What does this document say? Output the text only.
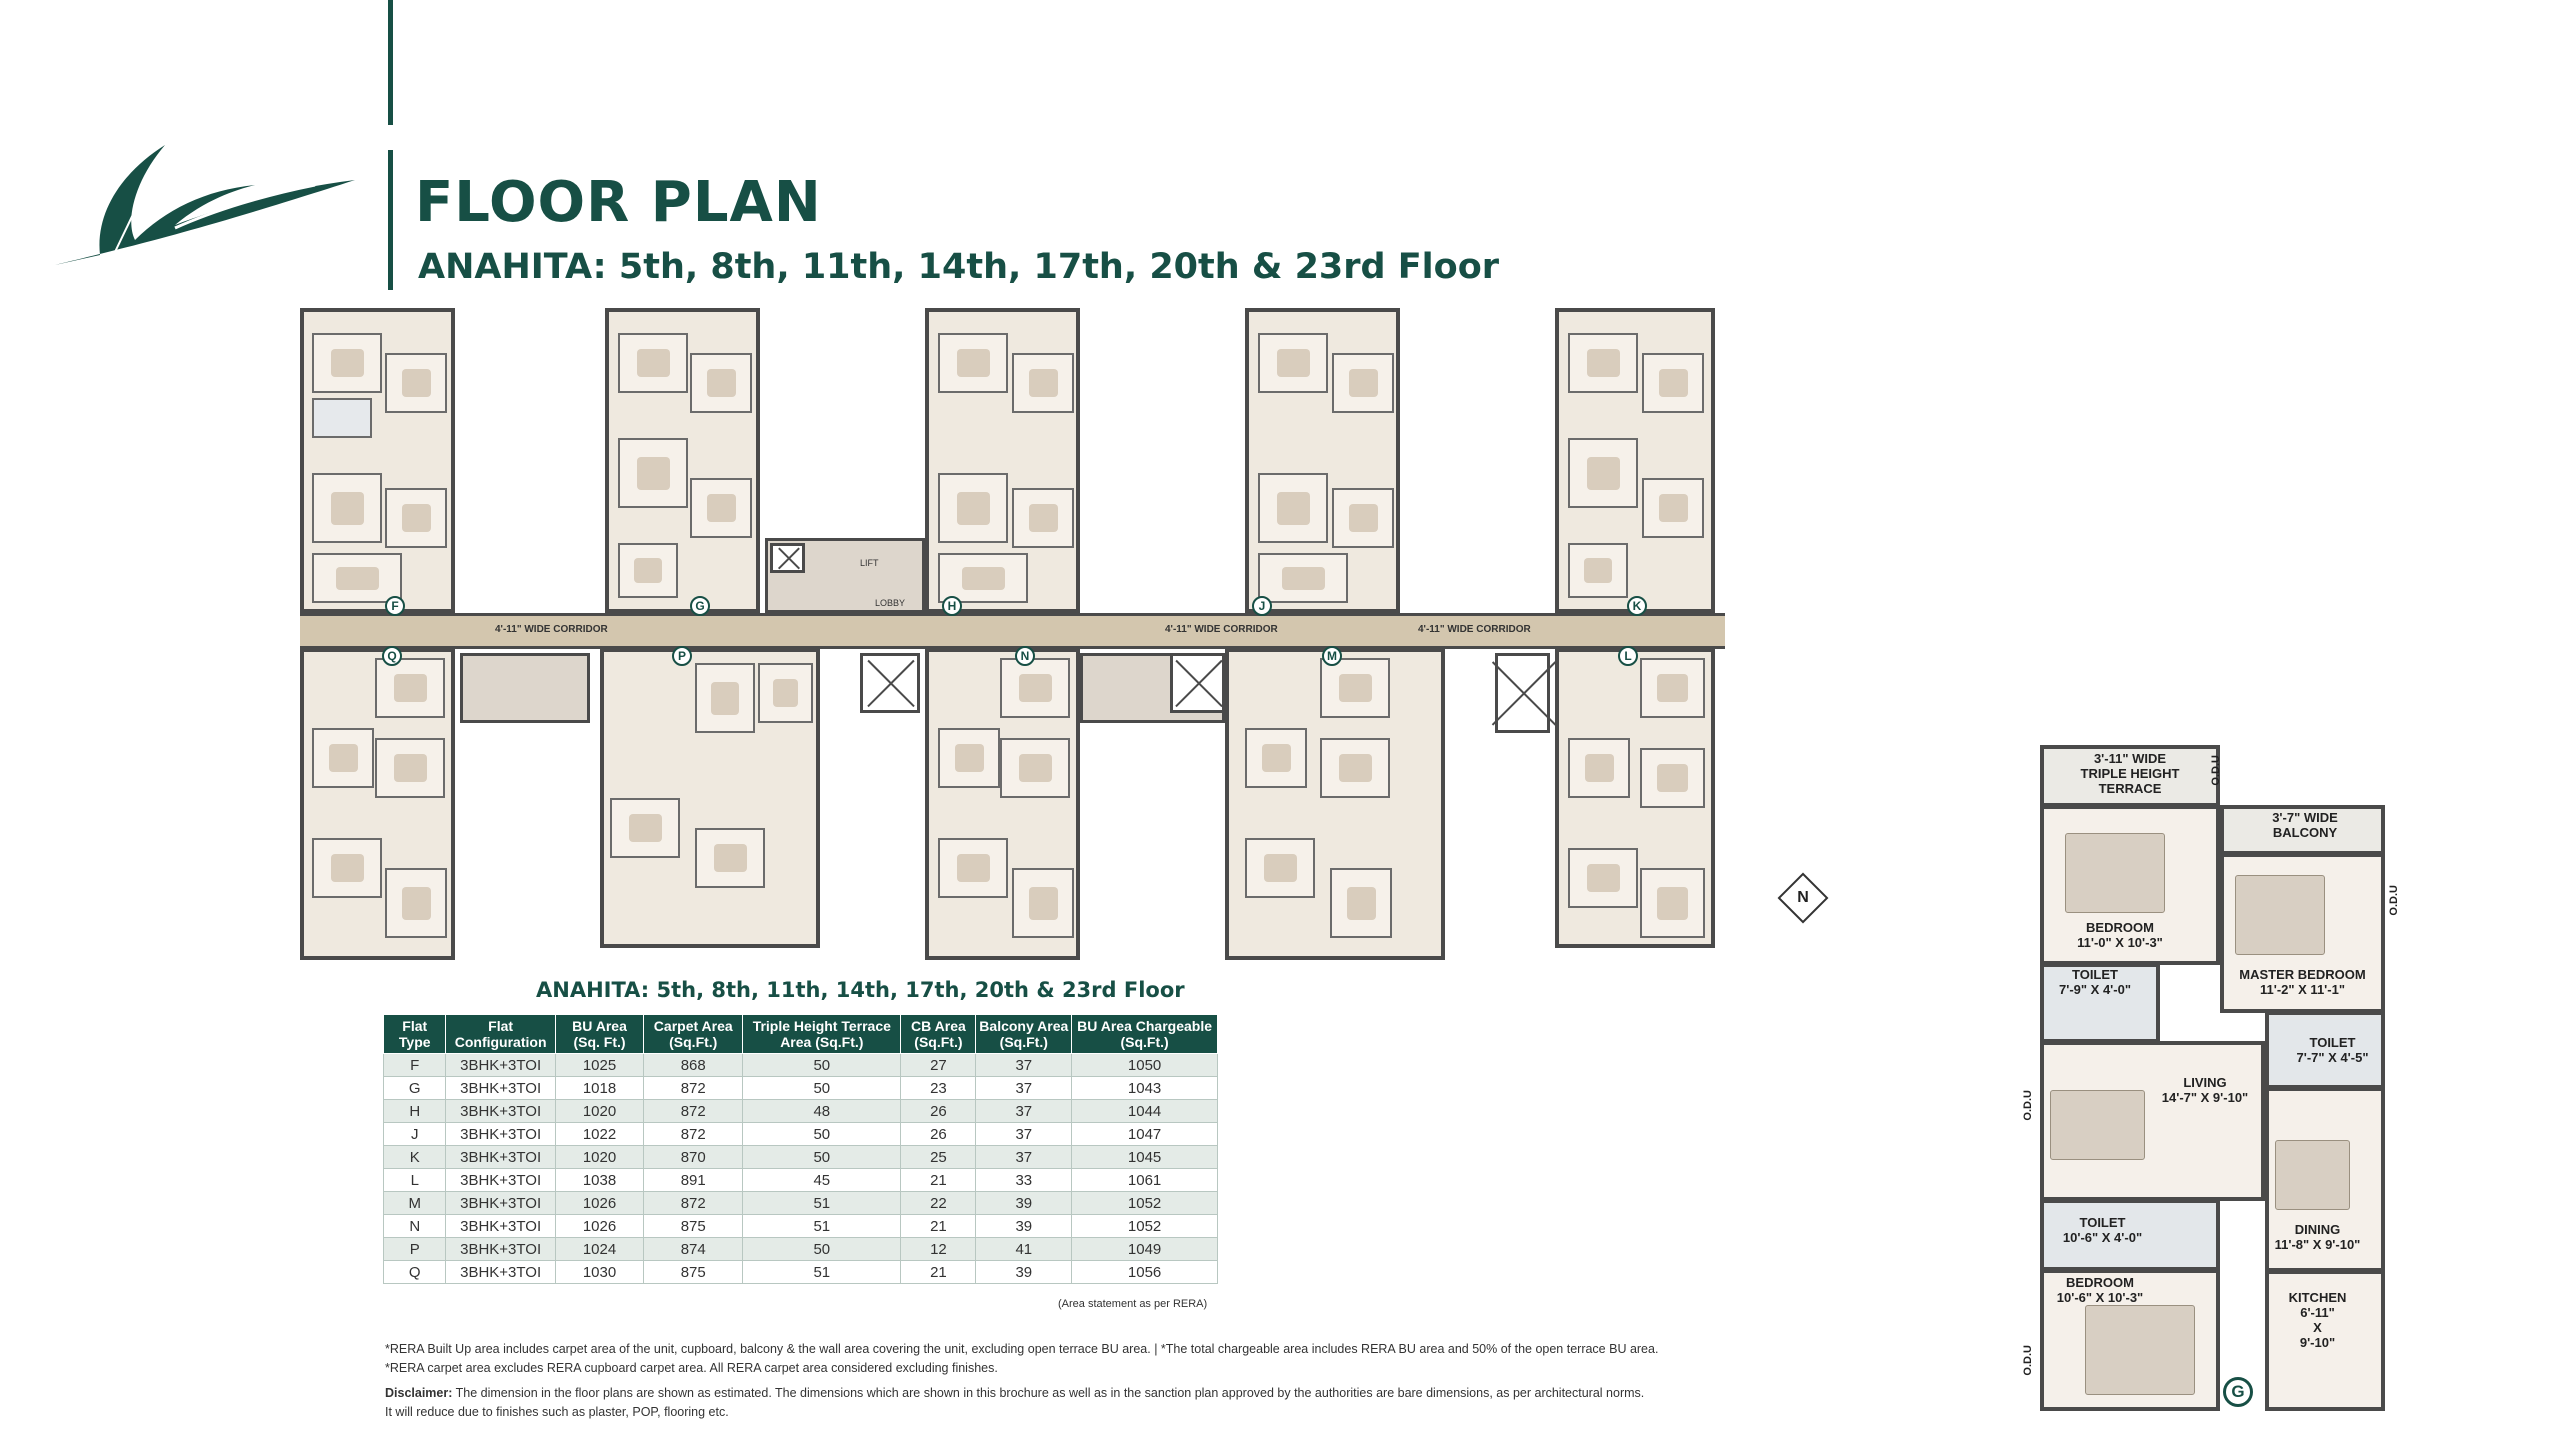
FLOOR PLAN
ANAHITA: 5th, 8th, 11th, 14th, 17th, 20th & 23rd Floor
LOBBY
LIFT
4'-11" WIDE CORRIDOR	4'-11" WIDE CORRIDOR	4'-11" WIDE CORRIDOR
F	G	H	J	K
Q	P	N	M	L
N
ANAHITA: 5th, 8th, 11th, 14th, 17th, 20th & 23rd Floor
Flat Type	Flat Configuration	BU Area (Sq. Ft.)	Carpet Area (Sq.Ft.)	Triple Height Terrace Area (Sq.Ft.)	CB Area (Sq.Ft.)	Balcony Area (Sq.Ft.)	BU Area Chargeable (Sq.Ft.)
F	3BHK+3TOI	1025	868	50	27	37	1050
G	3BHK+3TOI	1018	872	50	23	37	1043
H	3BHK+3TOI	1020	872	48	26	37	1044
J	3BHK+3TOI	1022	872	50	26	37	1047
K	3BHK+3TOI	1020	870	50	25	37	1045
L	3BHK+3TOI	1038	891	45	21	33	1061
M	3BHK+3TOI	1026	872	51	22	39	1052
N	3BHK+3TOI	1026	875	51	21	39	1052
P	3BHK+3TOI	1024	874	50	12	41	1049
Q	3BHK+3TOI	1030	875	51	21	39	1056
(Area statement as per RERA)
*RERA Built Up area includes carpet area of the unit, cupboard, balcony & the wall area covering the unit, excluding open terrace BU area. | *The total chargeable area includes RERA BU area and 50% of the open terrace BU area.
*RERA carpet area excludes RERA cupboard carpet area. All RERA carpet area considered excluding finishes.
Disclaimer: The dimension in the floor plans are shown as estimated. The dimensions which are shown in this brochure as well as in the sanction plan approved by the authorities are bare dimensions, as per architectural norms.
It will reduce due to finishes such as plaster, POP, flooring etc.
3'-11" WIDE
TRIPLE HEIGHT
TERRACE
3'-7" WIDE
BALCONY
BEDROOM
11'-0" X 10'-3"
MASTER BEDROOM
11'-2" X 11'-1"
TOILET
7'-9" X 4'-0"
TOILET
7'-7" X 4'-5"
LIVING
14'-7" X 9'-10"
DINING
11'-8" X 9'-10"
TOILET
10'-6" X 4'-0"
BEDROOM
10'-6" X 10'-3"	KITCHEN
6'-11"
X
9'-10"
O.D.U
O.D.U
O.D.U
O.D.U
G
